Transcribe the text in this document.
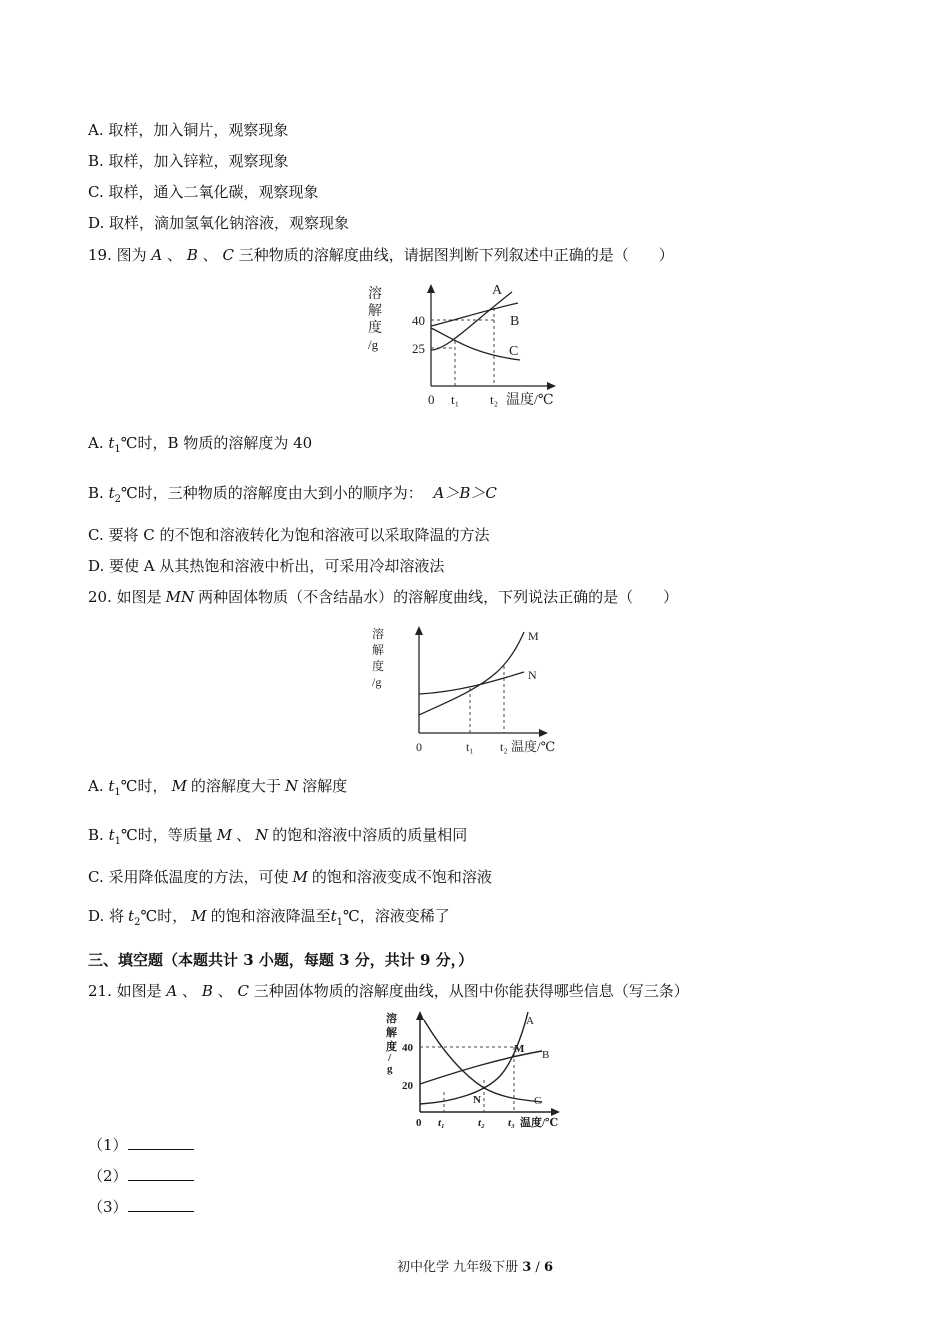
A. 取样，加入铜片，观察现象
B. 取样，加入锌粒，观察现象
C. 取样，通入二氧化碳，观察现象
D. 取样，滴加氢氧化钠溶液，观察现象
19. 图为 A 、 B 、 C 三种物质的溶解度曲线，请据图判断下列叙述中正确的是（　　）
溶
解
度
/g
40
25
0 t₁ t₂ 温度/℃
A
B
C
A. $t_1℃$时，B 物质的溶解度为 40
B. $t_2℃$时，三种物质的溶解度由大到小的顺序为： A＞B＞C
C. 要将 C 的不饱和溶液转化为饱和溶液可以采取降温的方法
D. 要使 A 从其热饱和溶液中析出，可采用冷却溶液法
20. 如图是 MN 两种固体物质（不含结晶水）的溶解度曲线，下列说法正确的是（　　）
溶
解
度
/g
0	t₁ t₂ 温度/℃
M
N
A. $t_1℃$时， M 的溶解度大于 N 溶解度
B. $t_1℃$时，等质量 M 、 N 的饱和溶液中溶质的质量相同
C. 采用降低温度的方法，可使 M 的饱和溶液变成不饱和溶液
D. 将 $t_2℃$时， M 的饱和溶液降温至$t_1℃$，溶液变稀了
三、填空题（本题共计 3 小题，每题 3 分，共计 9 分，）
21. 如图是 A 、 B 、 C 三种固体物质的溶解度曲线，从图中你能获得哪些信息（写三条）
溶
解
度
/
g
40
20
0 t₁	t₂ t₃ 温度/℃
A
B
C
M
N
（1）
（2）
（3）
初中化学 九年级下册 3 / 6
